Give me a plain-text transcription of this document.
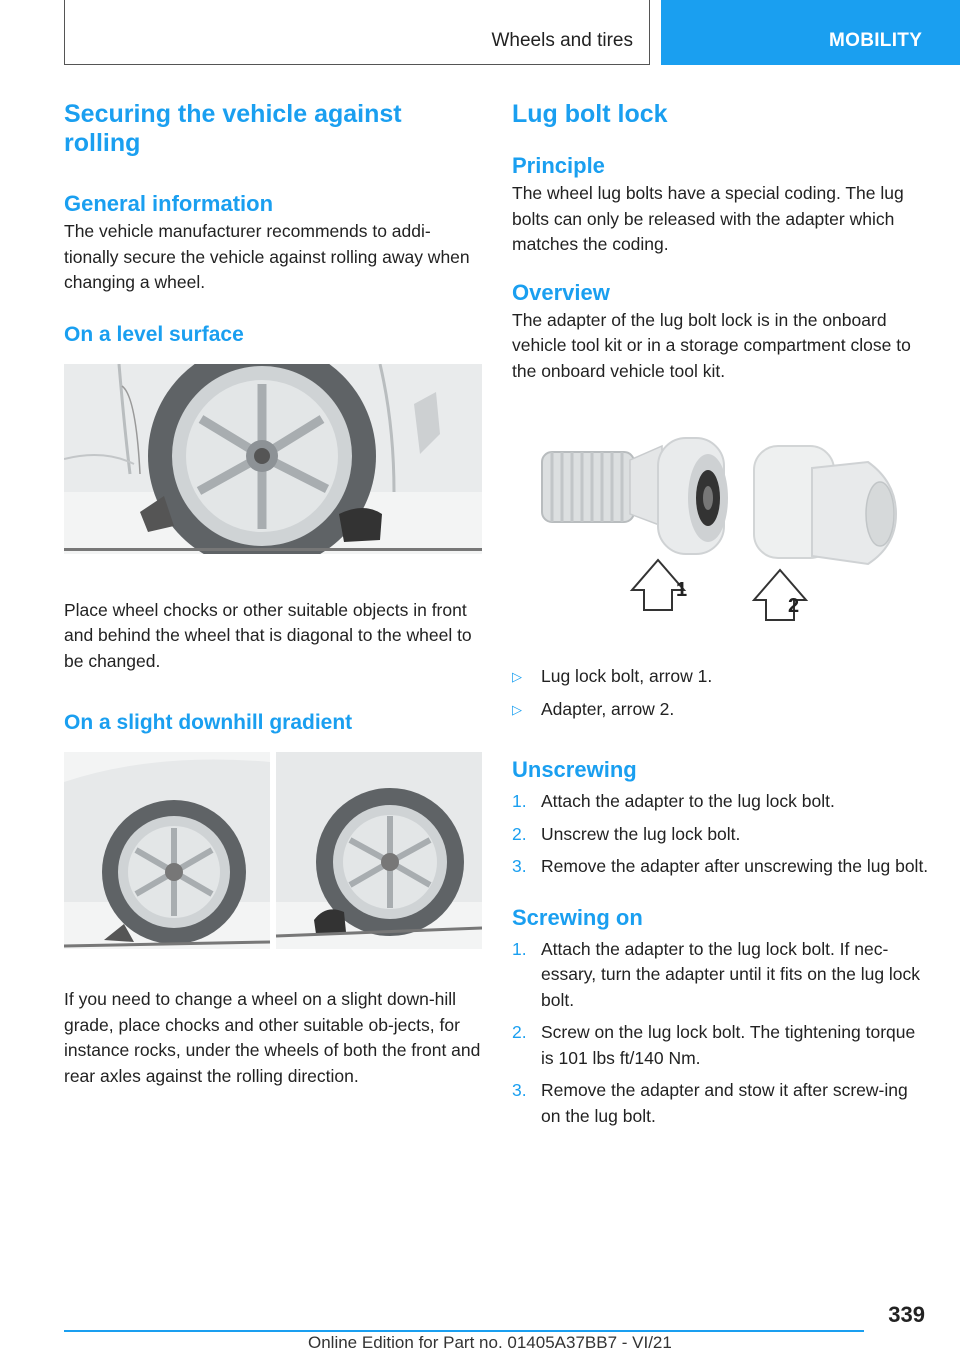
Wheels and tires	MOBILITY
Securing the vehicle against rolling
General information

The vehicle manufacturer recommends to addi‐tionally secure the vehicle against rolling away when changing a wheel.

On a level surface

Place wheel chocks or other suitable objects in front and behind the wheel that is diagonal to the wheel to be changed.

On a slight downhill gradient

If you need to change a wheel on a slight down‐hill grade, place chocks and other suitable ob‐jects, for instance rocks, under the wheels of both the front and rear axles against the rolling direction.

Lug bolt lock
Principle

The wheel lug bolts have a special coding. The lug bolts can only be released with the adapter which matches the coding.

Overview

The adapter of the lug bolt lock is in the onboard vehicle tool kit or in a storage compartment close to the onboard vehicle tool kit.

1
2
▷ Lug lock bolt, arrow 1.
▷ Adapter, arrow 2.
Unscrewing
1. Attach the adapter to the lug lock bolt.
2. Unscrew the lug lock bolt.
3. Remove the adapter after unscrewing the lug bolt.
Screwing on
1. Attach the adapter to the lug lock bolt. If nec‐essary, turn the adapter until it fits on the lug lock bolt.
2. Screw on the lug lock bolt. The tightening torque is 101 lbs ft/140 Nm.
3. Remove the adapter and stow it after screw‐ing on the lug bolt.
339
Online Edition for Part no. 01405A37BB7 - VI/21
